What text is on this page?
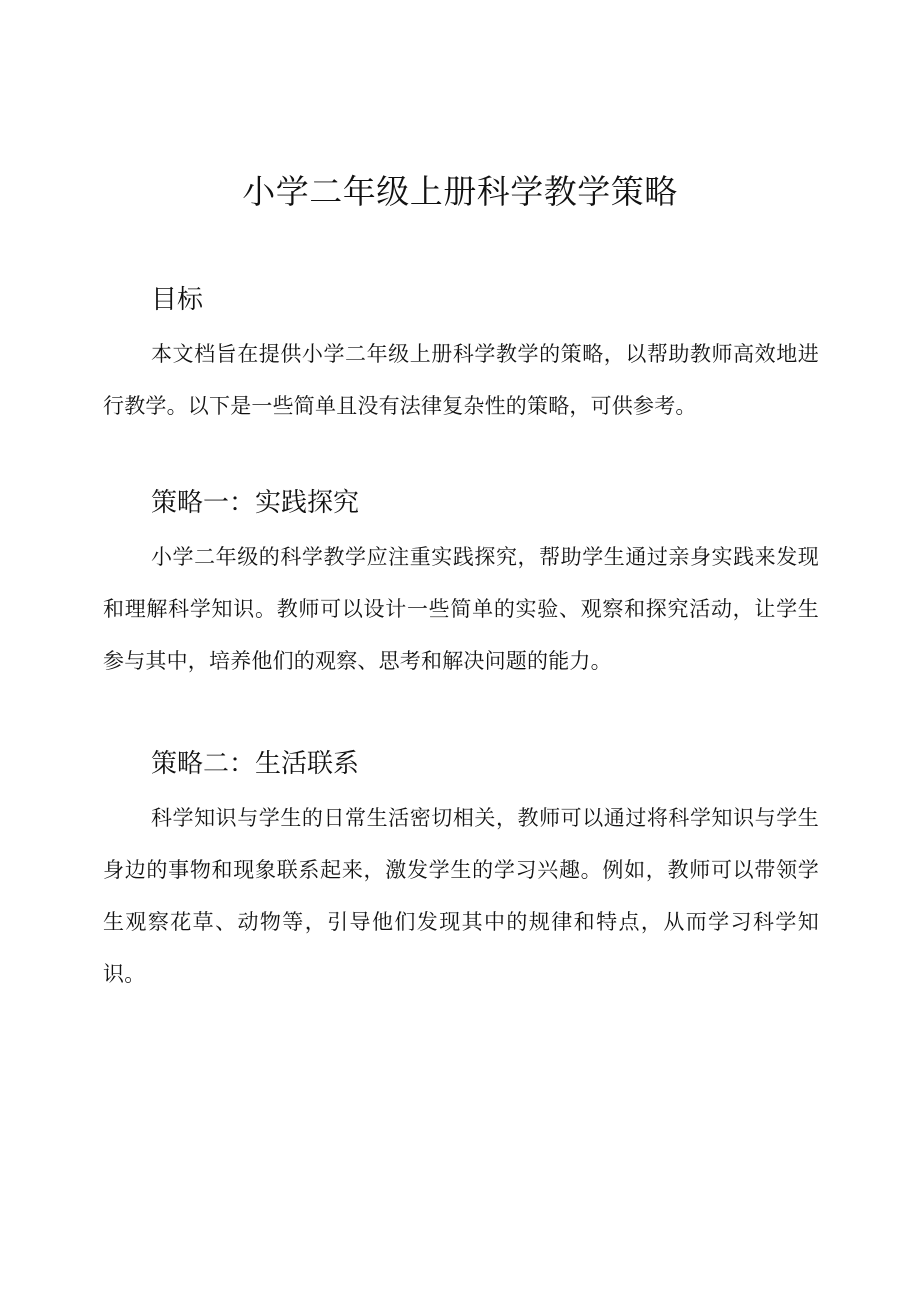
小学二年级上册科学教学策略
目标

本文档旨在提供小学二年级上册科学教学的策略，以帮助教师高效地进行教学。以下是一些简单且没有法律复杂性的策略，可供参考。

策略一：实践探究

小学二年级的科学教学应注重实践探究，帮助学生通过亲身实践来发现和理解科学知识。教师可以设计一些简单的实验、观察和探究活动，让学生参与其中，培养他们的观察、思考和解决问题的能力。

策略二：生活联系

科学知识与学生的日常生活密切相关，教师可以通过将科学知识与学生身边的事物和现象联系起来，激发学生的学习兴趣。例如，教师可以带领学生观察花草、动物等，引导他们发现其中的规律和特点，从而学习科学知识。
